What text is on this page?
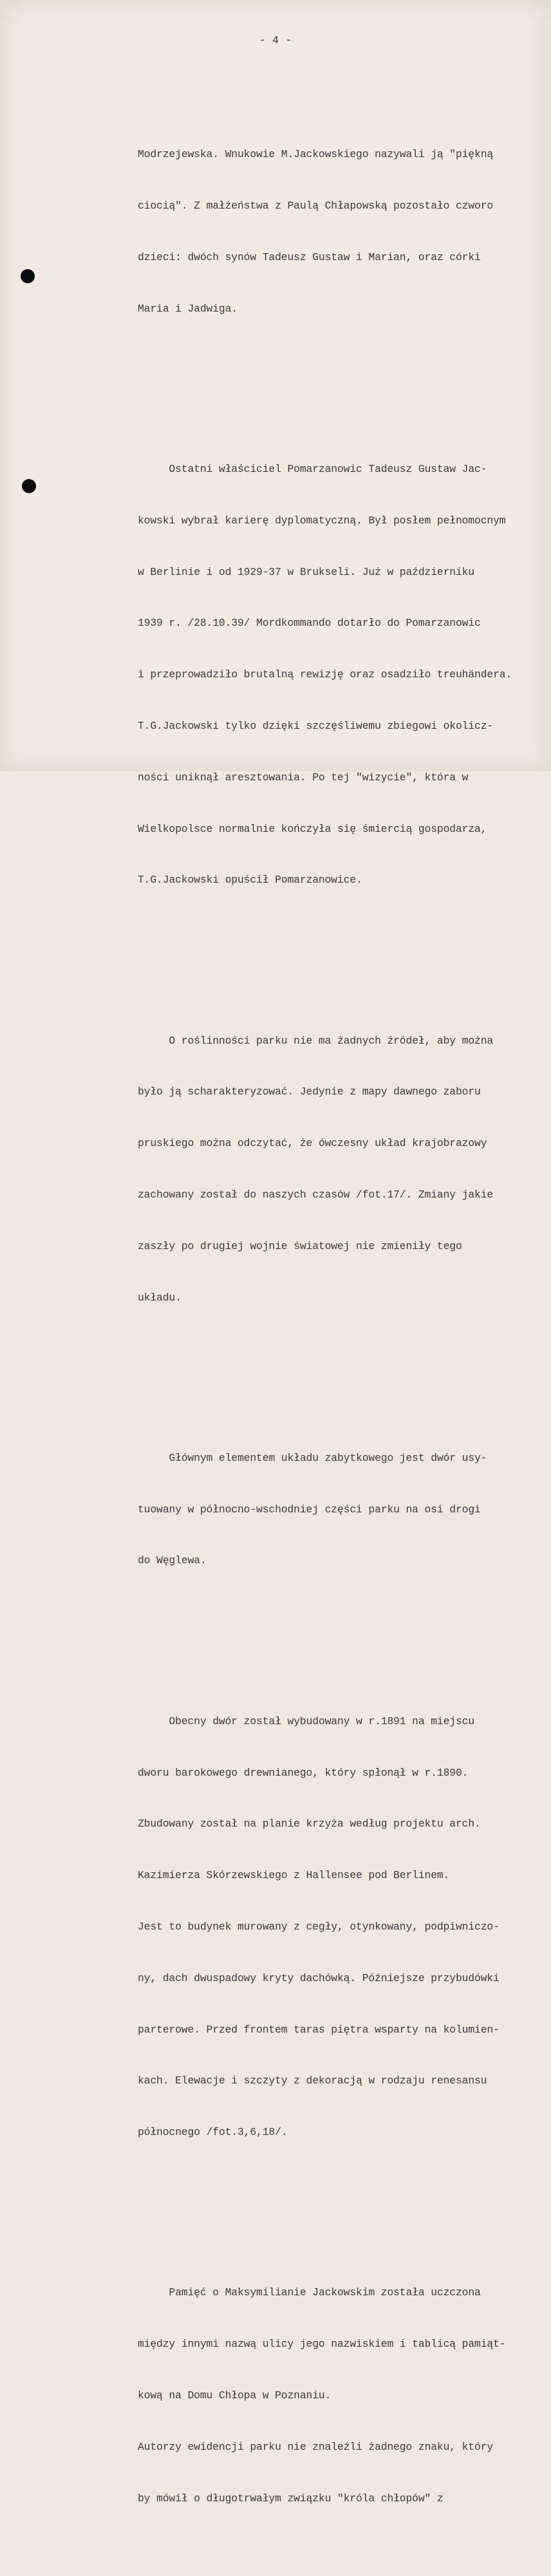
- 4 -

Modrzejewska. Wnukowie M.Jackowskiego nazywali ją "piękną

ciocią". Z małżeństwa z Paulą Chłapowską pozostało czworo

dzieci: dwóch synów Tadeusz Gustaw i Marian, oraz córki

Maria i Jadwiga.

Ostatni właściciel Pomarzanowic Tadeusz Gustaw Jac-

kowski wybrał karierę dyplomatyczną. Był posłem pełnomocnym

w Berlinie i od 1929-37 w Brukseli. Już w październiku

1939 r. /28.10.39/ Mordkommando dotarło do Pomarzanowic

i przeprowadziło brutalną rewizję oraz osadziło treuhändera.

T.G.Jackowski tylko dzięki szczęśliwemu zbiegowi okolicz-

ności uniknął aresztowania. Po tej "wizycie", która w

Wielkopolsce normalnie kończyła się śmiercią gospodarza,

T.G.Jackowski opuścił Pomarzanowice.

O roślinności parku nie ma żadnych źródeł, aby można

było ją scharakteryzować. Jedynie z mapy dawnego zaboru

pruskiego można odczytać, że ówczesny układ krajobrazowy

zachowany został do naszych czasów /fot.17/. Zmiany jakie

zaszły po drugiej wojnie światowej nie zmieniły tego

układu.

Głównym elementem układu zabytkowego jest dwór usy-

tuowany w północno-wschodniej części parku na osi drogi

do Węglewa.

Obecny dwór został wybudowany w r.1891 na miejscu

dworu barokowego drewnianego, który spłonął w r.1890.

Zbudowany został na planie krzyża według projektu arch.

Kazimierza Skórzewskiego z Hallensee pod Berlinem.

Jest to budynek murowany z cegły, otynkowany, podpiwniczo-

ny, dach dwuspadowy kryty dachówką. Późniejsze przybudówki

parterowe. Przed frontem taras piętra wsparty na kolumien-

kach. Elewacje i szczyty z dekoracją w rodzaju renesansu

północnego /fot.3,6,18/.

Pamięć o Maksymilianie Jackowskim została uczczona

między innymi nazwą ulicy jego nazwiskiem i tablicą pamiąt-

kową na Domu Chłopa w Poznaniu.

Autorzy ewidencji parku nie znaleźli żadnego znaku, który

by mówił o długotrwałym związku "króla chłopów" z
